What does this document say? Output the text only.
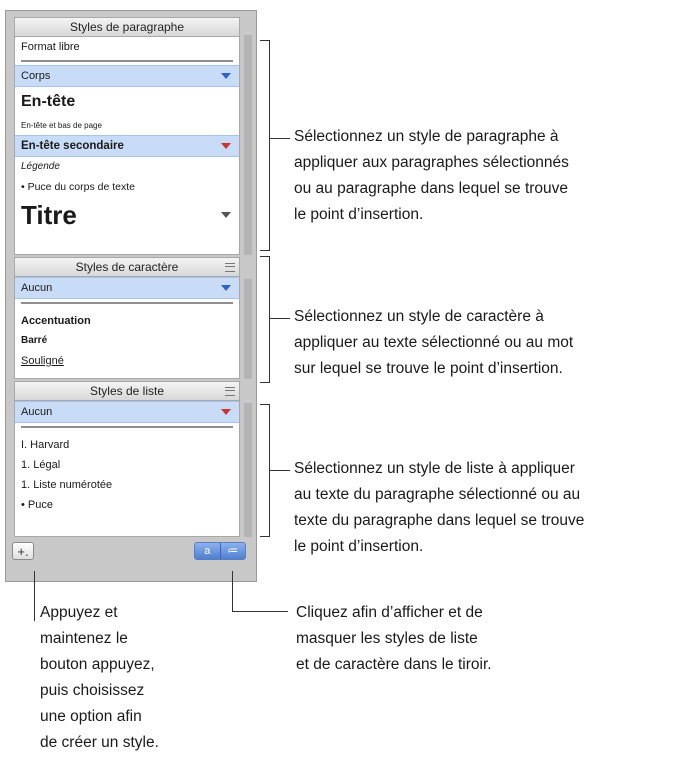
Styles de paragraphe
Format libre
Corps
En-tête
En-tête et bas de page
En-tête secondaire
Légende
• Puce du corps de texte
Titre
Styles de caractère
Aucun
Accentuation
Barré
Souligné
Styles de liste
Aucun
I. Harvard
1. Légal
1. Liste numérotée
• Puce
+.	a	≔
Sélectionnez un style de paragraphe à
appliquer aux paragraphes sélectionnés
ou au paragraphe dans lequel se trouve
le point d’insertion.
Sélectionnez un style de caractère à
appliquer au texte sélectionné ou au mot
sur lequel se trouve le point d’insertion.
Sélectionnez un style de liste à appliquer
au texte du paragraphe sélectionné ou au
texte du paragraphe dans lequel se trouve
le point d’insertion.
Appuyez et
maintenez le
bouton appuyez,
puis choisissez
une option afin
de créer un style.
Cliquez afin d’afficher et de
masquer les styles de liste
et de caractère dans le tiroir.
